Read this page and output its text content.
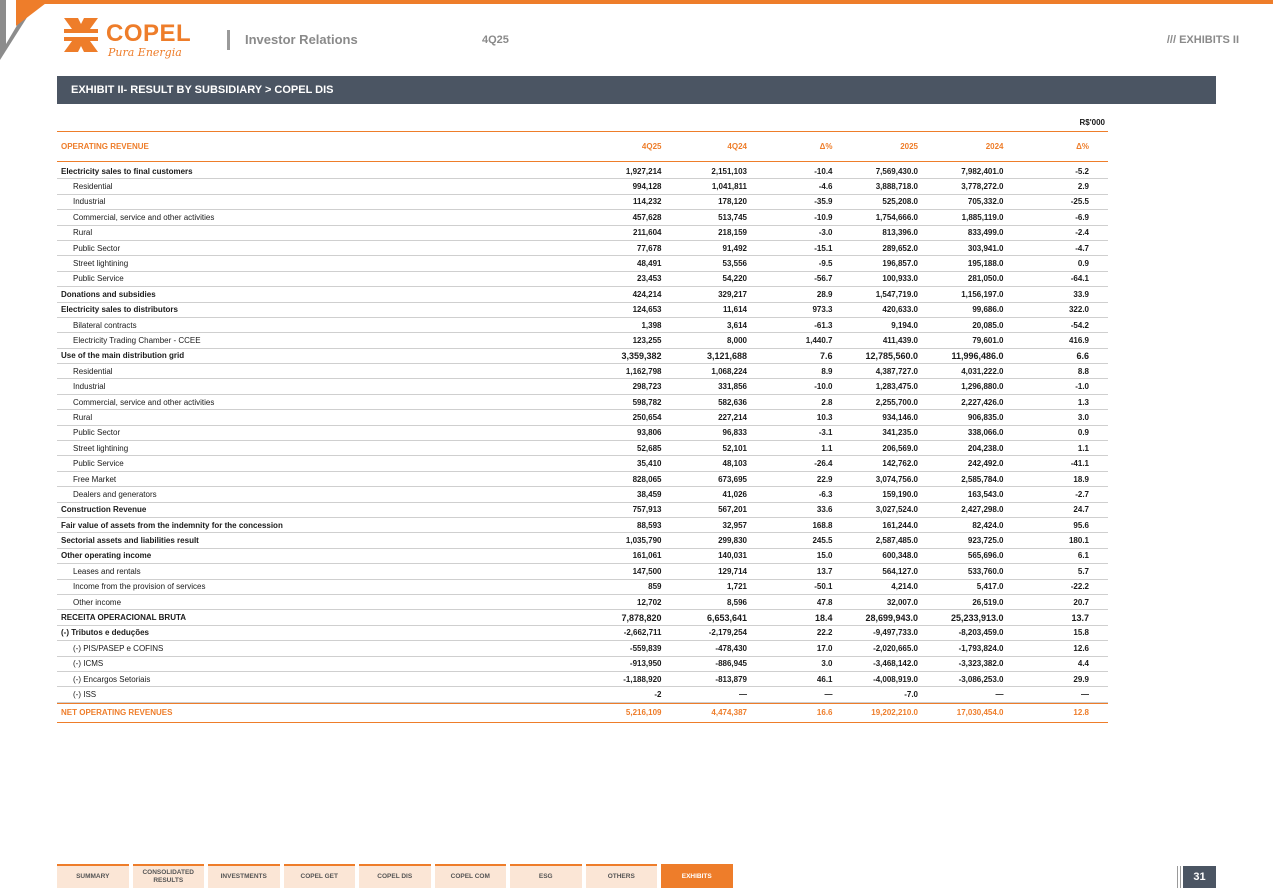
COPEL
Pura Energia
Investor Relations	4Q25	/// EXHIBITS II
EXHIBIT II- RESULT BY SUBSIDIARY > COPEL DIS
R$'000
OPERATING REVENUE	4Q25	4Q24	Δ%	2025	2024	Δ%
Electricity sales to final customers	1,927,214	2,151,103	-10.4	7,569,430.0	7,982,401.0	-5.2
Residential	994,128	1,041,811	-4.6	3,888,718.0	3,778,272.0	2.9
Industrial	114,232	178,120	-35.9	525,208.0	705,332.0	-25.5
Commercial, service and other activities	457,628	513,745	-10.9	1,754,666.0	1,885,119.0	-6.9
Rural	211,604	218,159	-3.0	813,396.0	833,499.0	-2.4
Public Sector	77,678	91,492	-15.1	289,652.0	303,941.0	-4.7
Street lightining	48,491	53,556	-9.5	196,857.0	195,188.0	0.9
Public Service	23,453	54,220	-56.7	100,933.0	281,050.0	-64.1
Donations and subsidies	424,214	329,217	28.9	1,547,719.0	1,156,197.0	33.9
Electricity sales to distributors	124,653	11,614	973.3	420,633.0	99,686.0	322.0
Bilateral contracts	1,398	3,614	-61.3	9,194.0	20,085.0	-54.2
Electricity Trading Chamber - CCEE	123,255	8,000	1,440.7	411,439.0	79,601.0	416.9
Use of the main distribution grid	3,359,382	3,121,688	7.6	12,785,560.0	11,996,486.0	6.6
Residential	1,162,798	1,068,224	8.9	4,387,727.0	4,031,222.0	8.8
Industrial	298,723	331,856	-10.0	1,283,475.0	1,296,880.0	-1.0
Commercial, service and other activities	598,782	582,636	2.8	2,255,700.0	2,227,426.0	1.3
Rural	250,654	227,214	10.3	934,146.0	906,835.0	3.0
Public Sector	93,806	96,833	-3.1	341,235.0	338,066.0	0.9
Street lightining	52,685	52,101	1.1	206,569.0	204,238.0	1.1
Public Service	35,410	48,103	-26.4	142,762.0	242,492.0	-41.1
Free Market	828,065	673,695	22.9	3,074,756.0	2,585,784.0	18.9
Dealers and generators	38,459	41,026	-6.3	159,190.0	163,543.0	-2.7
Construction Revenue	757,913	567,201	33.6	3,027,524.0	2,427,298.0	24.7
Fair value of assets from the indemnity for the concession	88,593	32,957	168.8	161,244.0	82,424.0	95.6
Sectorial assets and liabilities result	1,035,790	299,830	245.5	2,587,485.0	923,725.0	180.1
Other operating income	161,061	140,031	15.0	600,348.0	565,696.0	6.1
Leases and rentals	147,500	129,714	13.7	564,127.0	533,760.0	5.7
Income from the provision of services	859	1,721	-50.1	4,214.0	5,417.0	-22.2
Other income	12,702	8,596	47.8	32,007.0	26,519.0	20.7
RECEITA OPERACIONAL BRUTA	7,878,820	6,653,641	18.4	28,699,943.0	25,233,913.0	13.7
(-) Tributos e deduções	-2,662,711	-2,179,254	22.2	-9,497,733.0	-8,203,459.0	15.8
(-) PIS/PASEP e COFINS	-559,839	-478,430	17.0	-2,020,665.0	-1,793,824.0	12.6
(-) ICMS	-913,950	-886,945	3.0	-3,468,142.0	-3,323,382.0	4.4
(-) Encargos Setoriais	-1,188,920	-813,879	46.1	-4,008,919.0	-3,086,253.0	29.9
(-) ISS	-2	—	—	-7.0	—	—
NET OPERATING REVENUES	5,216,109	4,474,387	16.6	19,202,210.0	17,030,454.0	12.8
SUMMARY
CONSOLIDATED RESULTS
INVESTMENTS	COPEL GET	COPEL DIS	COPEL COM	ESG	OTHERS	EXHIBITS	31
